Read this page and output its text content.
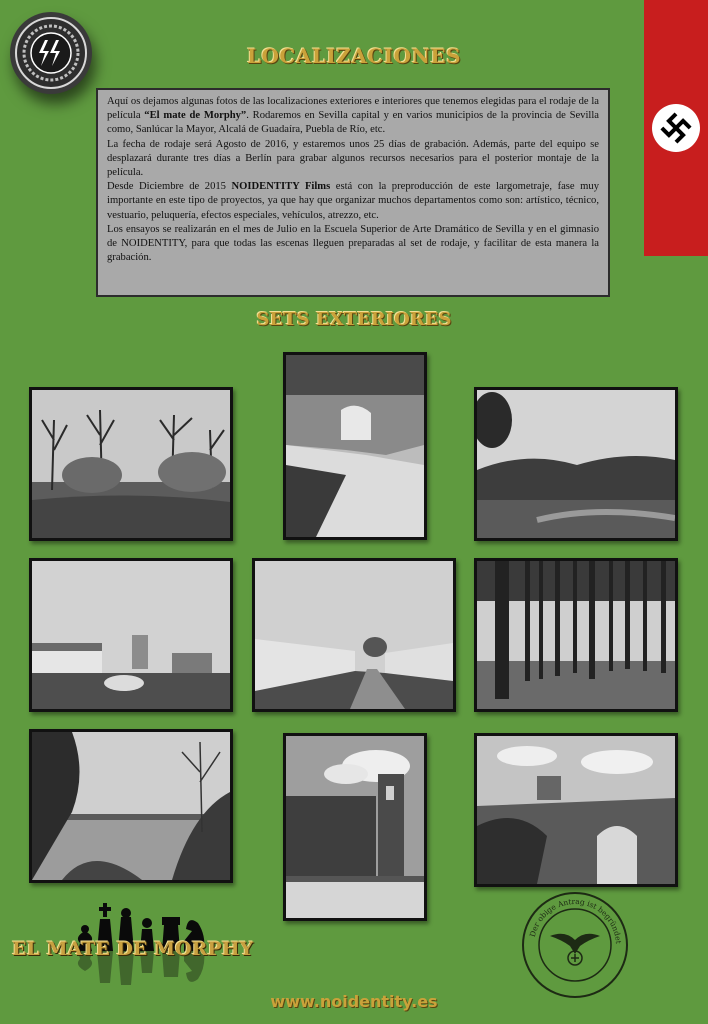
LOCALIZACIONES

Aquí os dejamos algunas fotos de las localizaciones exteriores e interiores que tenemos elegidas para el rodaje de la película “El mate de Morphy”. Rodaremos en Sevilla capital y en varios municipios de la provincia de Sevilla como, Sanlúcar la Mayor, Alcalá de Guadaíra, Puebla de Río, etc.

La fecha de rodaje será Agosto de 2016, y estaremos unos 25 días de grabación. Además, parte del equipo se desplazará durante tres días a Berlín para grabar algunos recursos necesarios para el posterior montaje de la película.

Desde Diciembre de 2015 NOIDENTITY Films está con la preproducción de este largometraje, fase muy importante en este tipo de proyectos, ya que hay que organizar muchos departamentos como son: artístico, técnico, vestuario, peluquería, efectos especiales, vehículos, atrezzo, etc.

Los ensayos se realizarán en el mes de Julio en la Escuela Superior de Arte Dramático de Sevilla y en el gimnasio de NOIDENTITY, para que todas las escenas lleguen preparadas al set de rodaje, y facilitar de esta manera la grabación.

SETS EXTERIORES
EL MATE DE MORPHY
Der obige Antrag ist begründet
www.noidentity.es
